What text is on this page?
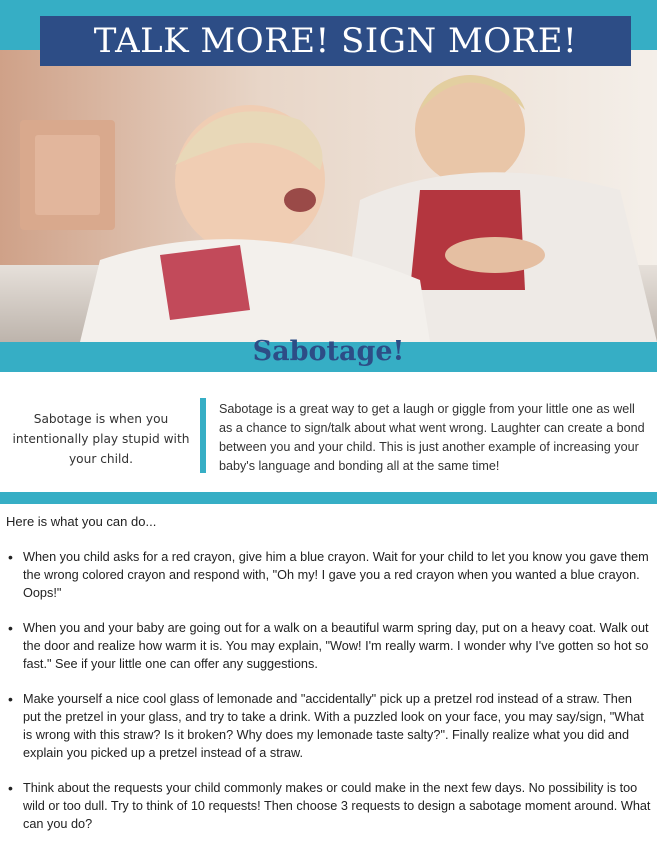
TALK MORE! SIGN MORE!
Sabotage!
Sabotage is when you intentionally play stupid with your child.
Sabotage is a great way to get a laugh or giggle from your little one as well as a chance to sign/talk about what went wrong. Laughter can create a bond between you and your child. This is just another example of increasing your baby's language and bonding all at the same time!
Here is what you can do...
• When you child asks for a red crayon, give him a blue crayon. Wait for your child to let you know you gave them the wrong colored crayon and respond with, "Oh my! I gave you a red crayon when you wanted a blue crayon. Oops!"
• When you and your baby are going out for a walk on a beautiful warm spring day, put on a heavy coat. Walk out the door and realize how warm it is. You may explain, "Wow! I'm really warm. I wonder why I've gotten so hot so fast." See if your little one can offer any suggestions.
• Make yourself a nice cool glass of lemonade and "accidentally" pick up a pretzel rod instead of a straw. Then put the pretzel in your glass, and try to take a drink. With a puzzled look on your face, you may say/sign, "What is wrong with this straw? Is it broken? Why does my lemonade taste salty?". Finally realize what you did and explain you picked up a pretzel instead of a straw.
• Think about the requests your child commonly makes or could make in the next few days. No possibility is too wild or too dull. Try to think of 10 requests! Then choose 3 requests to design a sabotage moment around. What can you do?
